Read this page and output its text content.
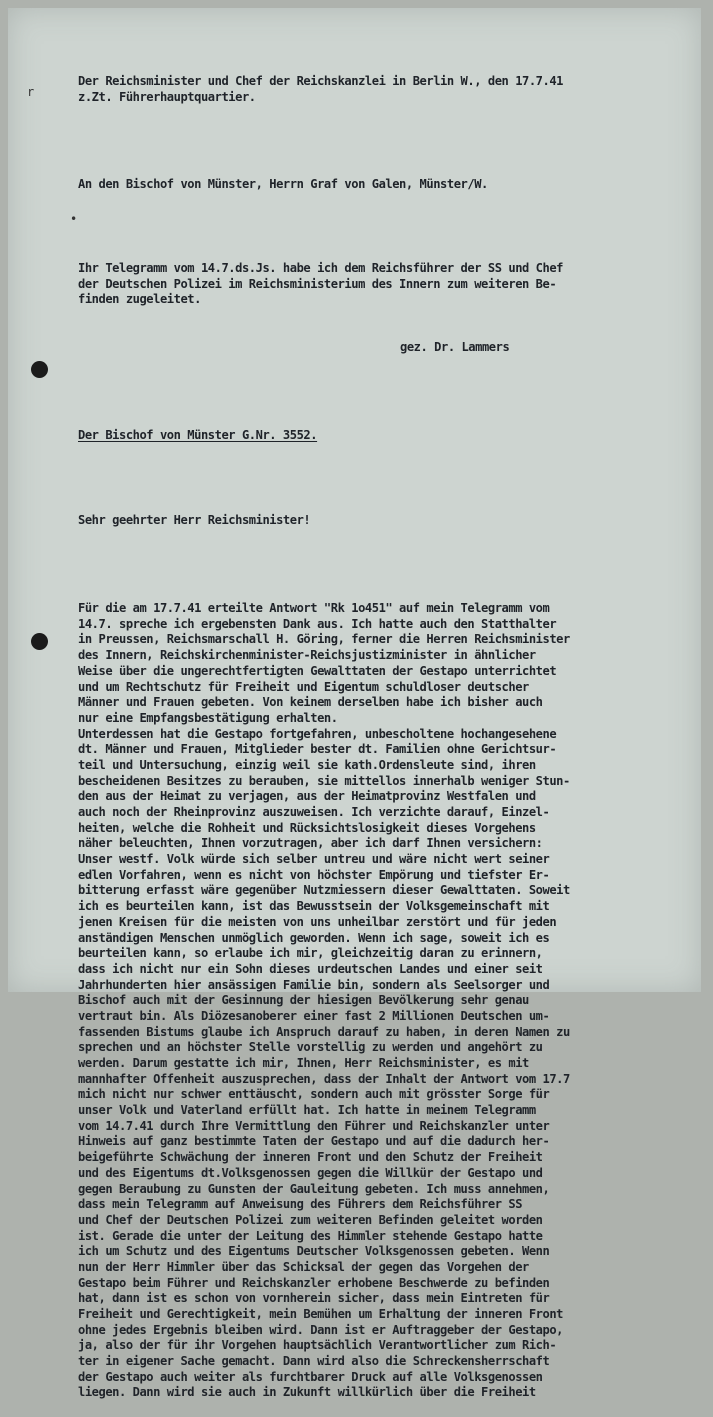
r
•

Der Reichsminister und Chef der Reichskanzlei in Berlin W., den 17.7.41
z.Zt. Führerhauptquartier.

An den Bischof von Münster, Herrn Graf von Galen, Münster/W.

Ihr Telegramm vom 14.7.ds.Js. habe ich dem Reichsführer der SS und Chef
der Deutschen Polizei im Reichsministerium des Innern zum weiteren Be-
finden zugeleitet.

gez. Dr. Lammers

Der Bischof von Münster G.Nr. 3552.

Sehr geehrter Herr Reichsminister!

Für die am 17.7.41 erteilte Antwort "Rk 1o451" auf mein Telegramm vom
14.7. spreche ich ergebensten Dank aus. Ich hatte auch den Statthalter
in Preussen, Reichsmarschall H. Göring, ferner die Herren Reichsminister
des Innern, Reichskirchenminister-Reichsjustizminister in ähnlicher
Weise über die ungerechtfertigten Gewalttaten der Gestapo unterrichtet
und um Rechtschutz für Freiheit und Eigentum schuldloser deutscher
Männer und Frauen gebeten. Von keinem derselben habe ich bisher auch
nur eine Empfangsbestätigung erhalten.
Unterdessen hat die Gestapo fortgefahren, unbescholtene hochangesehene
dt. Männer und Frauen, Mitglieder bester dt. Familien ohne Gerichtsur-
teil und Untersuchung, einzig weil sie kath.Ordensleute sind, ihren
bescheidenen Besitzes zu berauben, sie mittellos innerhalb weniger Stun-
den aus der Heimat zu verjagen, aus der Heimatprovinz Westfalen und
auch noch der Rheinprovinz auszuweisen. Ich verzichte darauf, Einzel-
heiten, welche die Rohheit und Rücksichtslosigkeit dieses Vorgehens
näher beleuchten, Ihnen vorzutragen, aber ich darf Ihnen versichern:
Unser westf. Volk würde sich selber untreu und wäre nicht wert seiner
edlen Vorfahren, wenn es nicht von höchster Empörung und tiefster Er-
bitterung erfasst wäre gegenüber Nutzmiessern dieser Gewalttaten. Soweit
ich es beurteilen kann, ist das Bewusstsein der Volksgemeinschaft mit
jenen Kreisen für die meisten von uns unheilbar zerstört und für jeden
anständigen Menschen unmöglich geworden. Wenn ich sage, soweit ich es
beurteilen kann, so erlaube ich mir, gleichzeitig daran zu erinnern,
dass ich nicht nur ein Sohn dieses urdeutschen Landes und einer seit
Jahrhunderten hier ansässigen Familie bin, sondern als Seelsorger und
Bischof auch mit der Gesinnung der hiesigen Bevölkerung sehr genau
vertraut bin. Als Diözesanoberer einer fast 2 Millionen Deutschen um-
fassenden Bistums glaube ich Anspruch darauf zu haben, in deren Namen zu
sprechen und an höchster Stelle vorstellig zu werden und angehört zu
werden. Darum gestatte ich mir, Ihnen, Herr Reichsminister, es mit
mannhafter Offenheit auszusprechen, dass der Inhalt der Antwort vom 17.7
mich nicht nur schwer enttäuscht, sondern auch mit grösster Sorge für
unser Volk und Vaterland erfüllt hat. Ich hatte in meinem Telegramm
vom 14.7.41 durch Ihre Vermittlung den Führer und Reichskanzler unter
Hinweis auf ganz bestimmte Taten der Gestapo und auf die dadurch her-
beigeführte Schwächung der inneren Front und den Schutz der Freiheit
und des Eigentums dt.Volksgenossen gegen die Willkür der Gestapo und
gegen Beraubung zu Gunsten der Gauleitung gebeten. Ich muss annehmen,
dass mein Telegramm auf Anweisung des Führers dem Reichsführer SS
und Chef der Deutschen Polizei zum weiteren Befinden geleitet worden
ist. Gerade die unter der Leitung des Himmler stehende Gestapo hatte
ich um Schutz und des Eigentums Deutscher Volksgenossen gebeten. Wenn
nun der Herr Himmler über das Schicksal der gegen das Vorgehen der
Gestapo beim Führer und Reichskanzler erhobene Beschwerde zu befinden
hat, dann ist es schon von vornherein sicher, dass mein Eintreten für
Freiheit und Gerechtigkeit, mein Bemühen um Erhaltung der inneren Front
ohne jedes Ergebnis bleiben wird. Dann ist er Auftraggeber der Gestapo,
ja, also der für ihr Vorgehen hauptsächlich Verantwortlicher zum Rich-
ter in eigener Sache gemacht. Dann wird also die Schreckensherrschaft
der Gestapo auch weiter als furchtbarer Druck auf alle Volksgenossen
liegen. Dann wird sie auch in Zukunft willkürlich über die Freiheit
